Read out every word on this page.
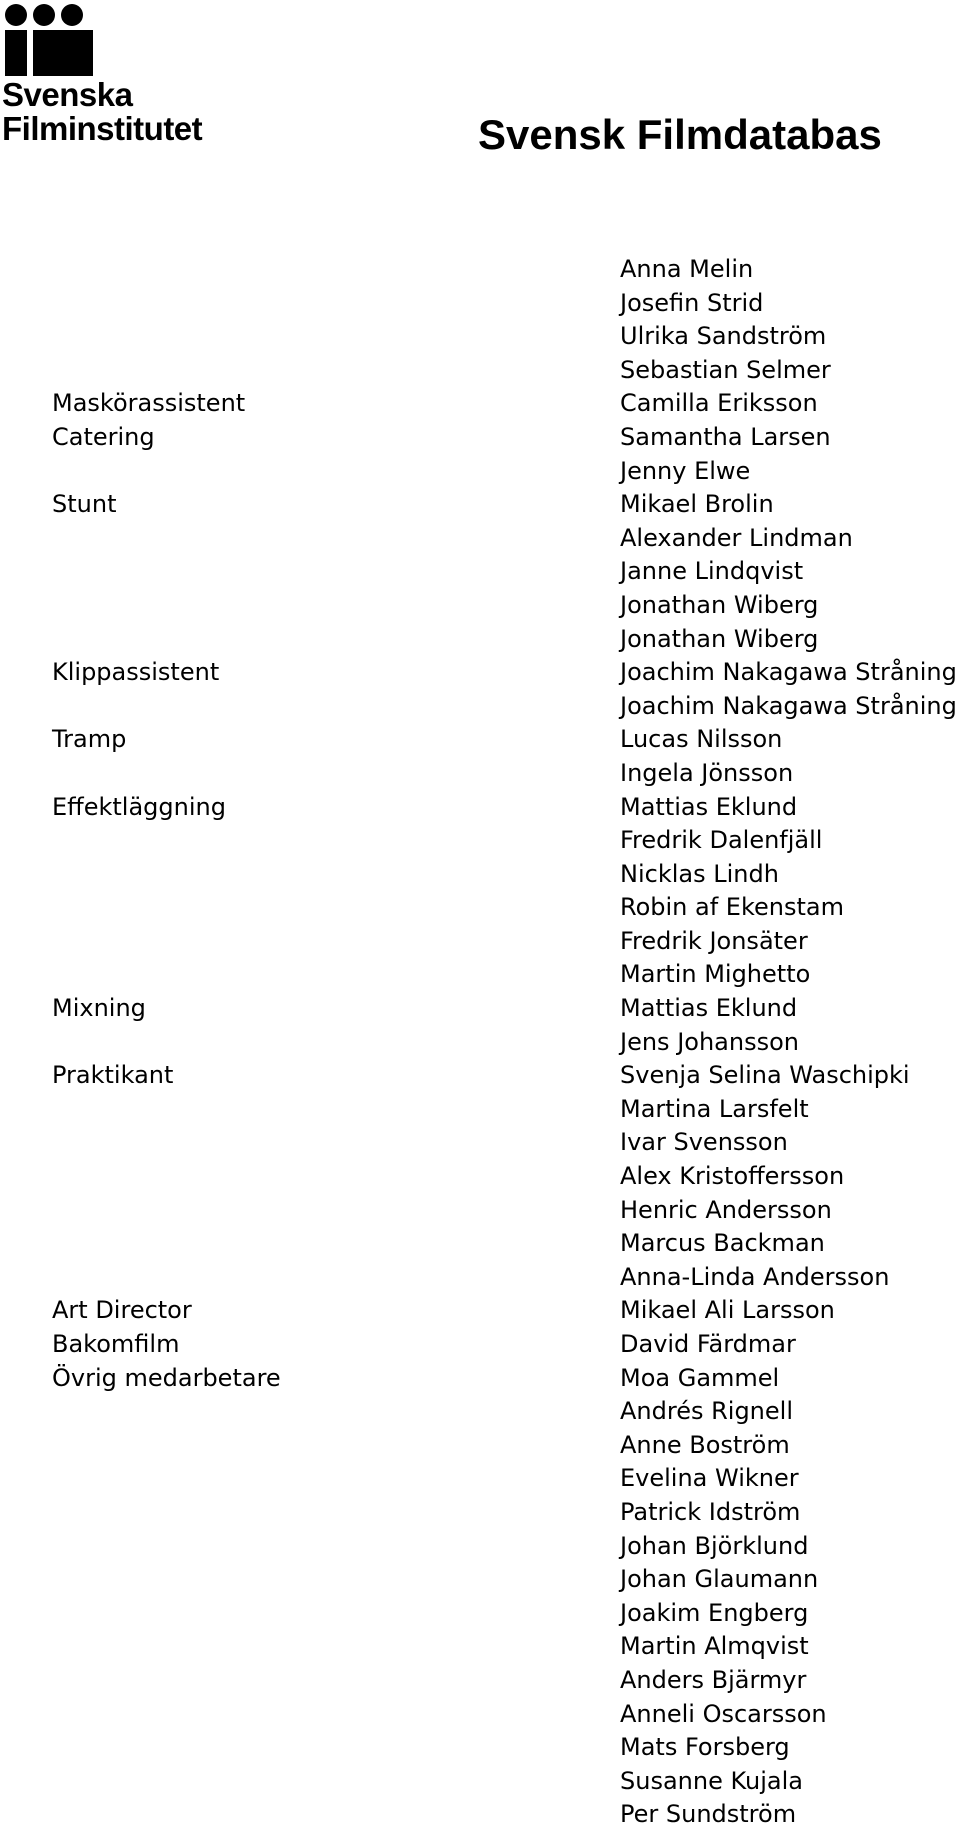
Svenska
Filminstitutet	Svensk Filmdatabas
Anna Melin
Josefin Strid
Ulrika Sandström
Sebastian Selmer
Maskörassistent	Camilla Eriksson
Catering	Samantha Larsen
Jenny Elwe
Stunt	Mikael Brolin
Alexander Lindman
Janne Lindqvist
Jonathan Wiberg
Jonathan Wiberg
Klippassistent	Joachim Nakagawa Stråning
Joachim Nakagawa Stråning
Tramp	Lucas Nilsson
Ingela Jönsson
Effektläggning	Mattias Eklund
Fredrik Dalenfjäll
Nicklas Lindh
Robin af Ekenstam
Fredrik Jonsäter
Martin Mighetto
Mixning	Mattias Eklund
Jens Johansson
Praktikant	Svenja Selina Waschipki
Martina Larsfelt
Ivar Svensson
Alex Kristoffersson
Henric Andersson
Marcus Backman
Anna-Linda Andersson
Art Director	Mikael Ali Larsson
Bakomfilm	David Färdmar
Övrig medarbetare	Moa Gammel
Andrés Rignell
Anne Boström
Evelina Wikner
Patrick Idström
Johan Björklund
Johan Glaumann
Joakim Engberg
Martin Almqvist
Anders Bjärmyr
Anneli Oscarsson
Mats Forsberg
Susanne Kujala
Per Sundström
